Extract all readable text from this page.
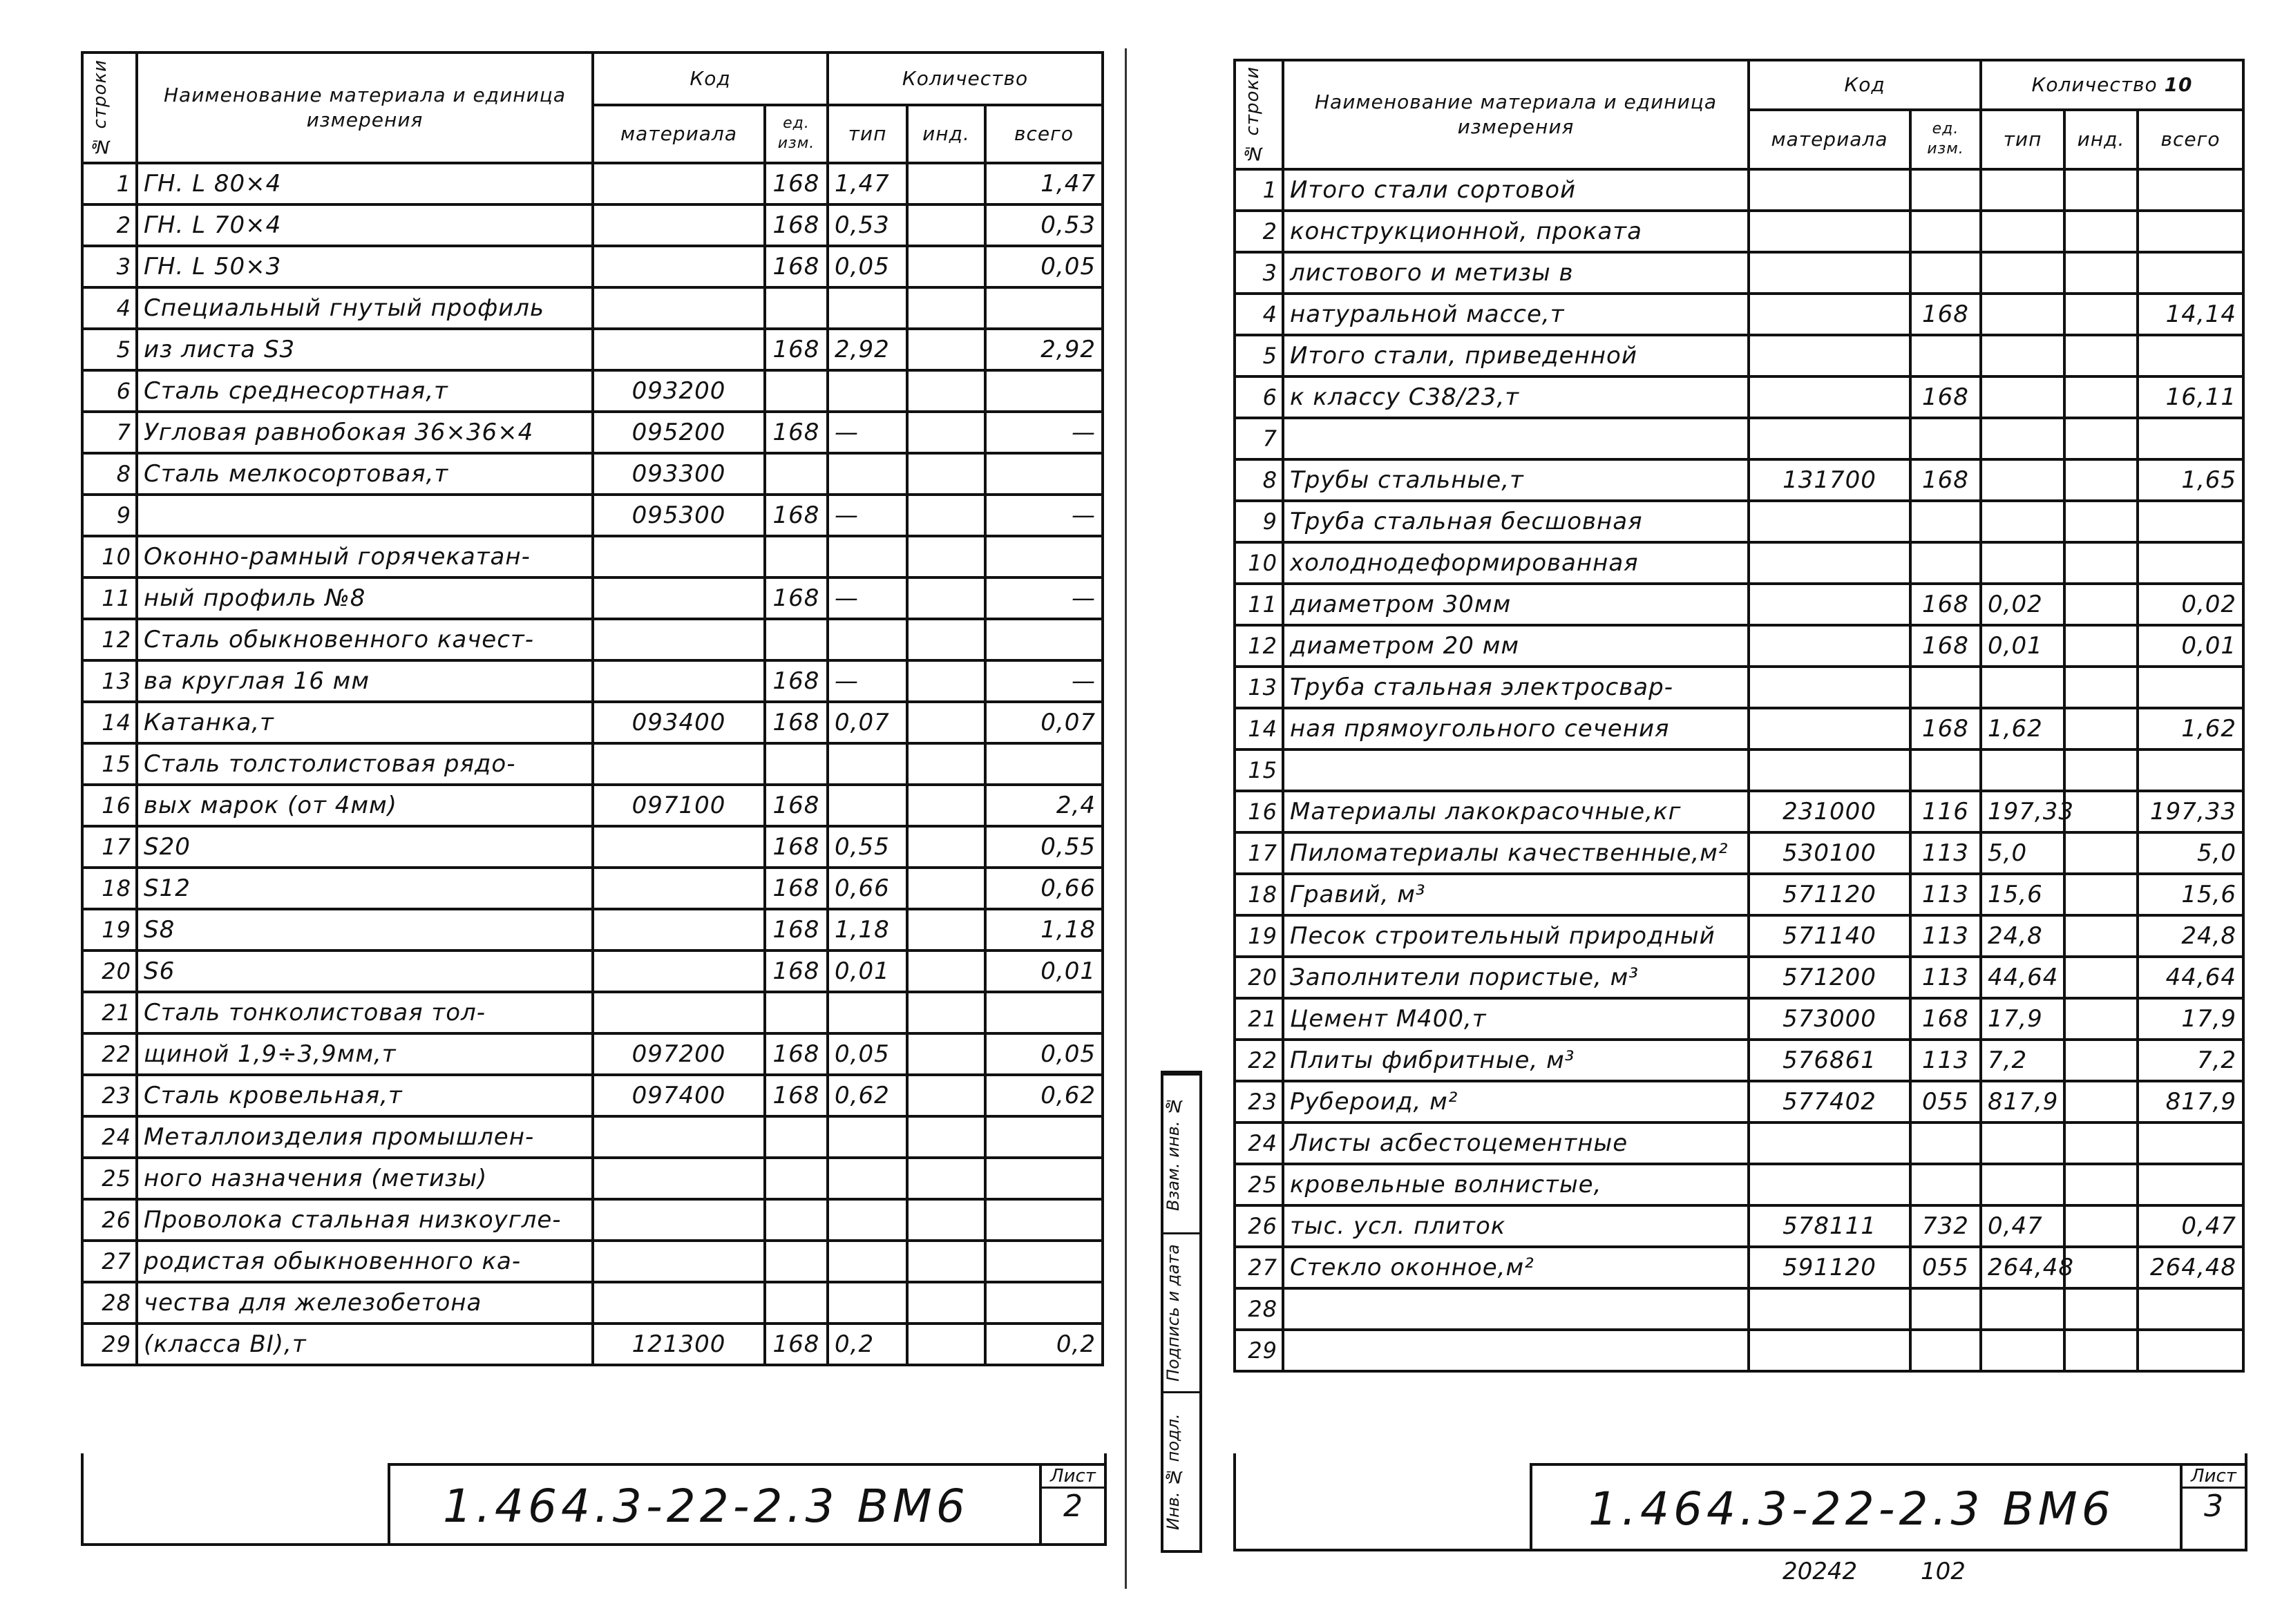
№ строки	Наименование материала и единица измерения	Код		Количество		
		материала	ед. изм.	тип	инд.	всего
1	ГН. L 80×4		168	1,47		1,47
2	ГН. L 70×4		168	0,53		0,53
3	ГН. L 50×3		168	0,05		0,05
4	Специальный гнутый профиль					
5	из листа S3		168	2,92		2,92
6	Сталь среднесортная,т	093200				
7	Угловая равнобокая 36×36×4	095200	168	—		—
8	Сталь мелкосортовая,т	093300				
9		095300	168	—		—
10	Оконно-рамный горячекатан-					
11	ный профиль №8		168	—		—
12	Сталь обыкновенного качест-					
13	ва круглая 16 мм		168	—		—
14	Катанка,т	093400	168	0,07		0,07
15	Сталь толстолистовая рядо-					
16	вых марок (от 4мм)	097100	168			2,4
17	S20		168	0,55		0,55
18	S12		168	0,66		0,66
19	S8		168	1,18		1,18
20	S6		168	0,01		0,01
21	Сталь тонколистовая тол-					
22	щиной 1,9÷3,9мм,т	097200	168	0,05		0,05
23	Сталь кровельная,т	097400	168	0,62		0,62
24	Металлоизделия промышлен-					
25	ного назначения (метизы)					
26	Проволока стальная низкоугле-					
27	родистая обыкновенного ка-					
28	чества для железобетона					
29	(класса BI),т	121300	168	0,2		0,2
1.464.3-22-2.3 ВМ6
Лист
2
№ строки	Наименование материала и единица измерения	Код		Количество 10		
		материала	ед. изм.	тип	инд.	всего
1	Итого стали сортовой					
2	конструкционной, проката					
3	листового и метизы в					
4	натуральной массе,т		168			14,14
5	Итого стали, приведенной					
6	к классу С38/23,т		168			16,11
7						
8	Трубы стальные,т	131700	168			1,65
9	Труба стальная бесшовная					
10	холоднодеформированная					
11	диаметром 30мм		168	0,02		0,02
12	диаметром 20 мм		168	0,01		0,01
13	Труба стальная электросвар-					
14	ная прямоугольного сечения		168	1,62		1,62
15						
16	Материалы лакокрасочные,кг	231000	116	197,33		197,33
17	Пиломатериалы качественные,м²	530100	113	5,0		5,0
18	Гравий, м³	571120	113	15,6		15,6
19	Песок строительный природный	571140	113	24,8		24,8
20	Заполнители пористые, м³	571200	113	44,64		44,64
21	Цемент М400,т	573000	168	17,9		17,9
22	Плиты фибритные, м³	576861	113	7,2		7,2
23	Рубероид, м²	577402	055	817,9		817,9
24	Листы асбестоцементные					
25	кровельные волнистые,					
26	тыс. усл. плиток	578111	732	0,47		0,47
27	Стекло оконное,м²	591120	055	264,48		264,48
28						
29						
Взам. инв. №
Подпись и дата
Инв. № подл.	1.464.3-22-2.3 ВМ6
Лист
3
20242	102
